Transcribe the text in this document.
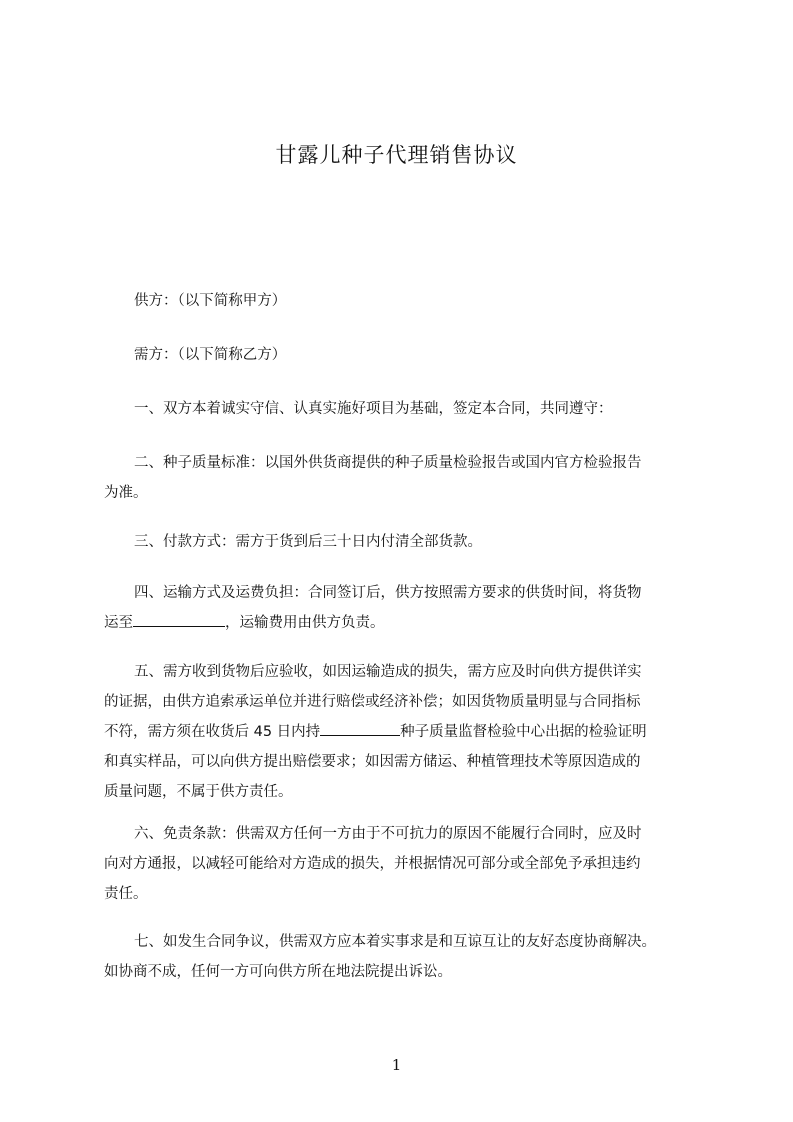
甘露儿种子代理销售协议
供方：（以下简称甲方）
需方：（以下简称乙方）
一、双方本着诚实守信、认真实施好项目为基础，签定本合同，共同遵守：
二、种子质量标准：以国外供货商提供的种子质量检验报告或国内官方检验报告
为准。
三、付款方式：需方于货到后三十日内付清全部货款。
四、运输方式及运费负担：合同签订后，供方按照需方要求的供货时间，将货物
运至	，运输费用由供方负责。
五、需方收到货物后应验收，如因运输造成的损失，需方应及时向供方提供详实
的证据，由供方追索承运单位并进行赔偿或经济补偿；如因货物质量明显与合同指标
不符，需方须在收货后 45 日内持	种子质量监督检验中心出据的检验证明
和真实样品，可以向供方提出赔偿要求；如因需方储运、种植管理技术等原因造成的
质量问题，不属于供方责任。
六、免责条款：供需双方任何一方由于不可抗力的原因不能履行合同时，应及时
向对方通报，以减轻可能给对方造成的损失，并根据情况可部分或全部免予承担违约
责任。
七、如发生合同争议，供需双方应本着实事求是和互谅互让的友好态度协商解决。
如协商不成，任何一方可向供方所在地法院提出诉讼。
1
